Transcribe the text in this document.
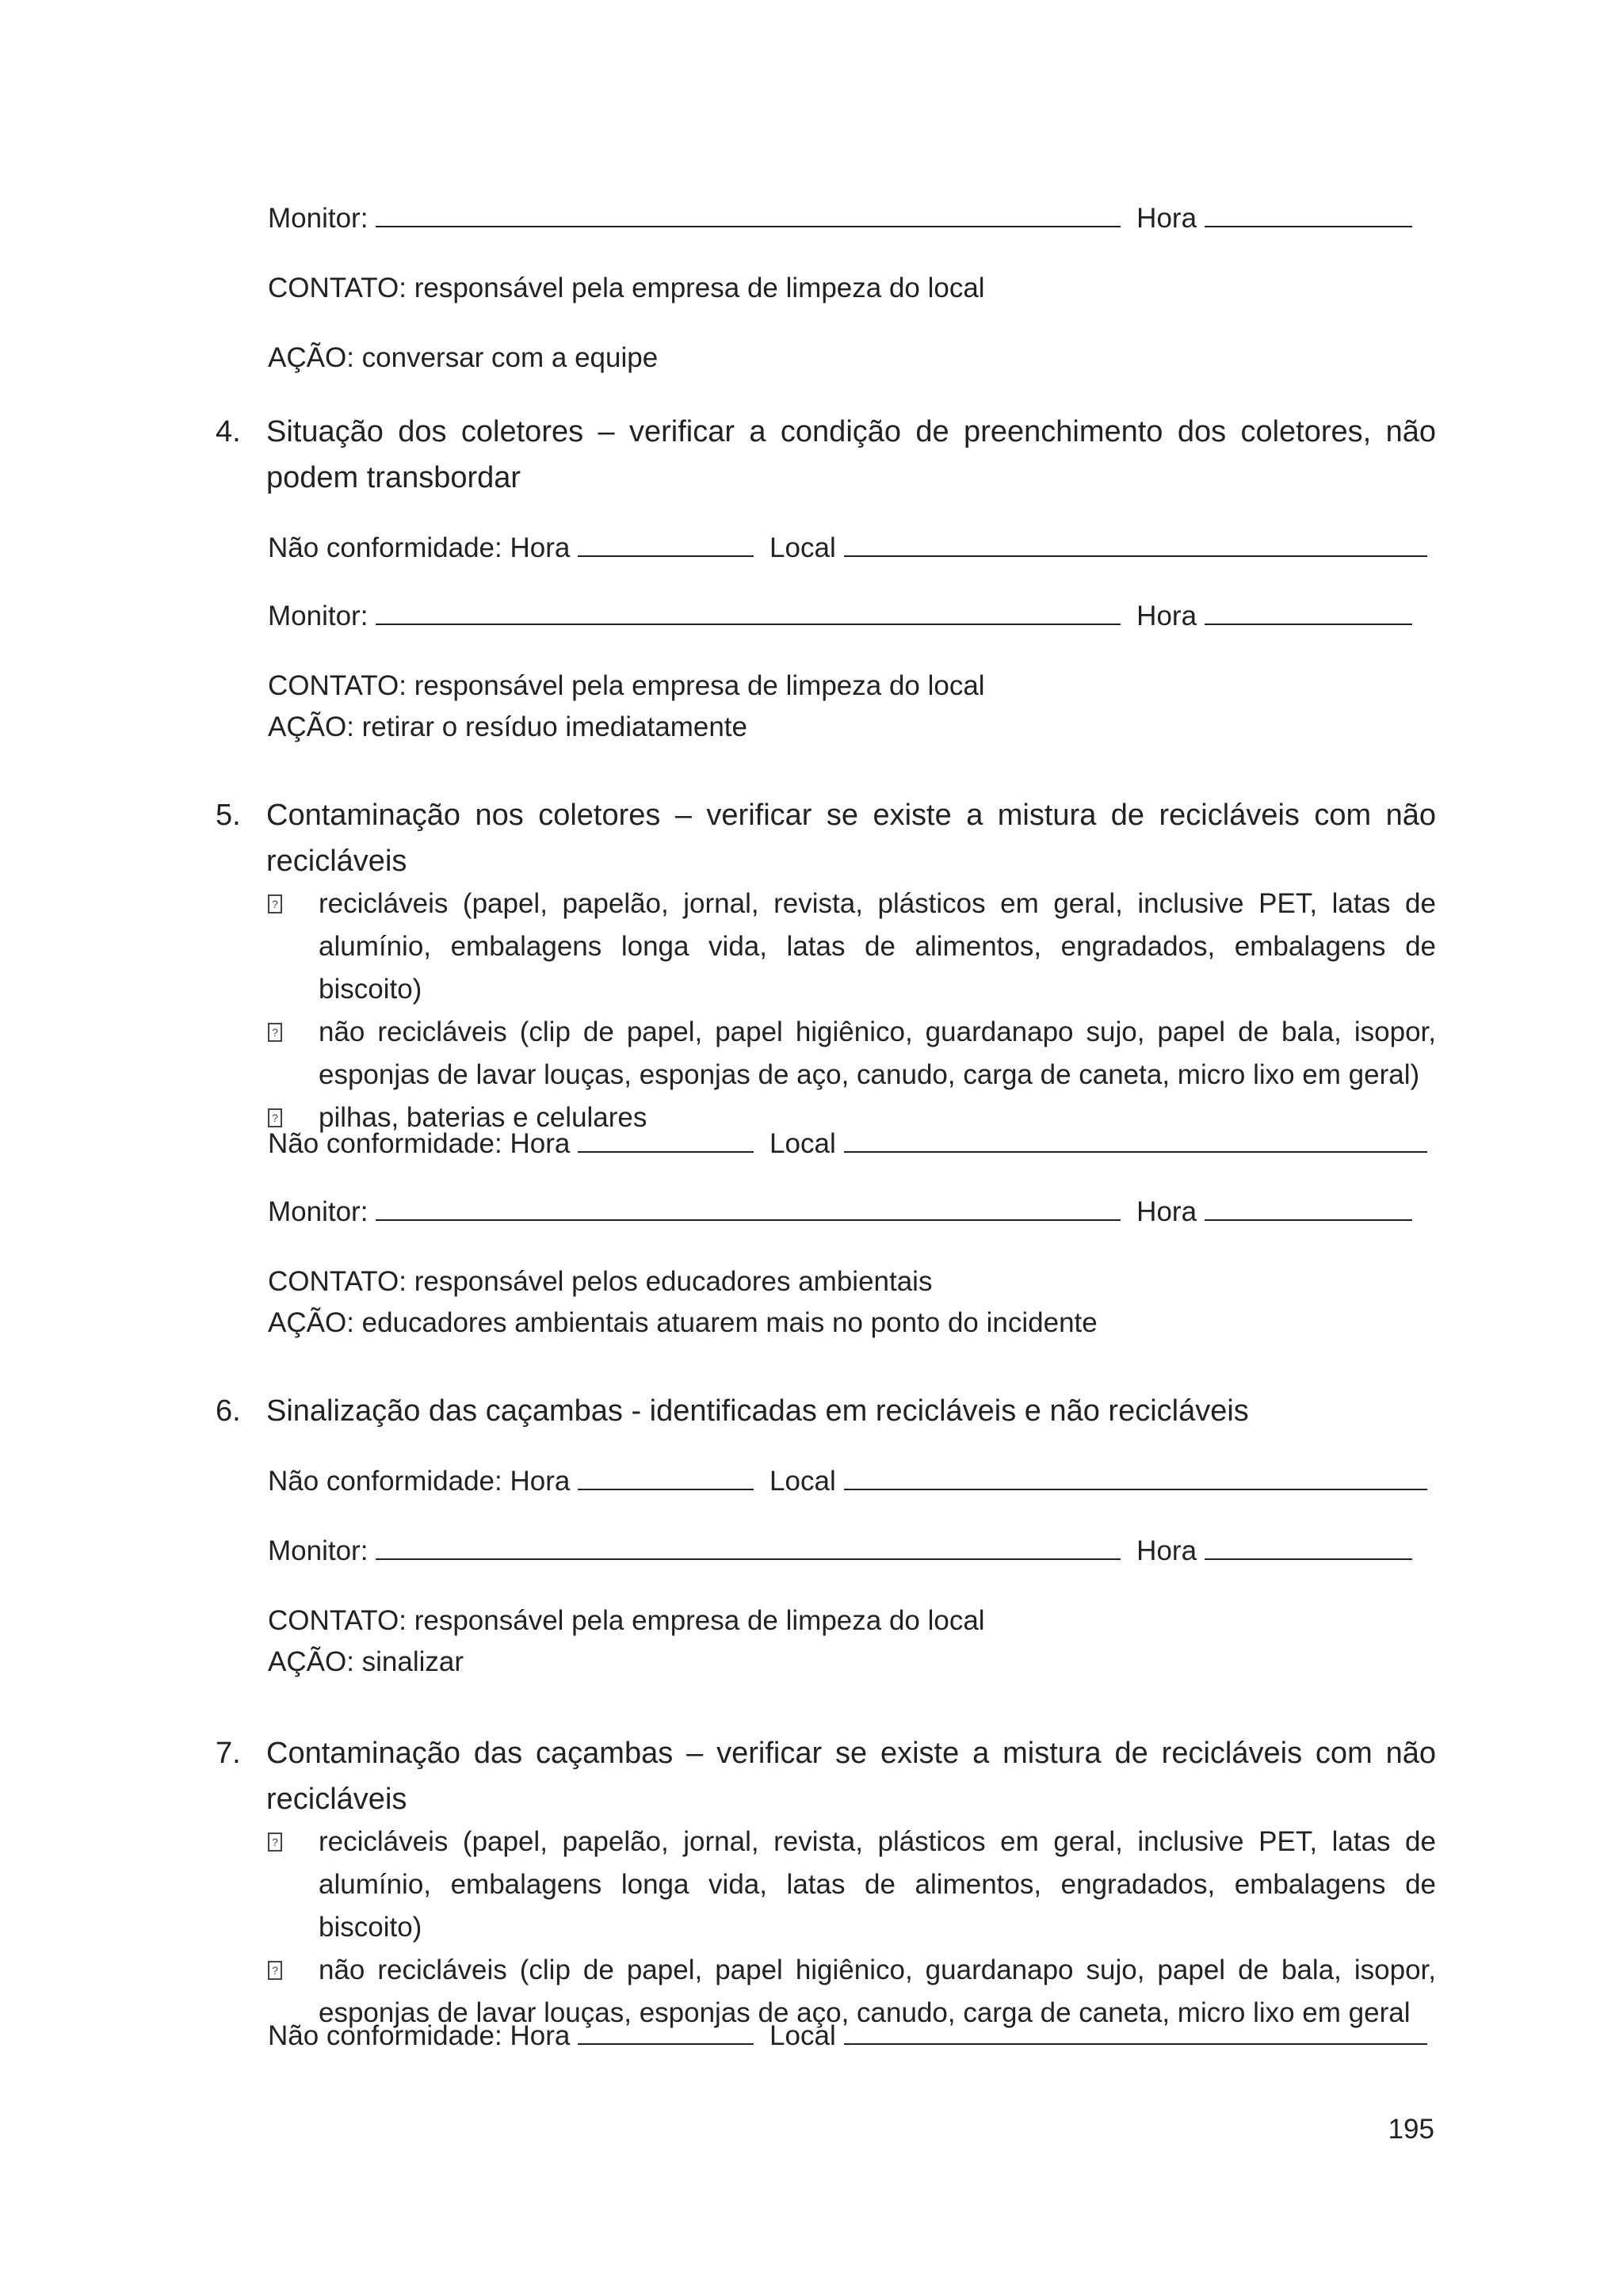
Monitor:	Hora
CONTATO: responsável pela empresa de limpeza do local
AÇÃO: conversar com a equipe
4. Situação dos coletores – verificar a condição de preenchimento dos coletores, não podem transbordar
Não conformidade: Hora	Local
Monitor:	Hora
CONTATO: responsável pela empresa de limpeza do local
AÇÃO: retirar o resíduo imediatamente
5. Contaminação nos coletores – verificar se existe a mistura de recicláveis com não recicláveis
? recicláveis (papel, papelão, jornal, revista, plásticos em geral, inclusive PET, latas de alumínio, embalagens longa vida, latas de alimentos, engradados, embalagens de biscoito)
? não recicláveis (clip de papel, papel higiênico, guardanapo sujo, papel de bala, isopor, esponjas de lavar louças, esponjas de aço, canudo, carga de caneta, micro lixo em geral)
? pilhas, baterias e celulares
Não conformidade: Hora	Local
Monitor:	Hora
CONTATO: responsável pelos educadores ambientais
AÇÃO: educadores ambientais atuarem mais no ponto do incidente
6. Sinalização das caçambas - identificadas em recicláveis e não recicláveis
Não conformidade: Hora	Local
Monitor:	Hora
CONTATO: responsável pela empresa de limpeza do local
AÇÃO: sinalizar
7. Contaminação das caçambas – verificar se existe a mistura de recicláveis com não recicláveis
? recicláveis (papel, papelão, jornal, revista, plásticos em geral, inclusive PET, latas de alumínio, embalagens longa vida, latas de alimentos, engradados, embalagens de biscoito)
? não recicláveis (clip de papel, papel higiênico, guardanapo sujo, papel de bala, isopor, esponjas de lavar louças, esponjas de aço, canudo, carga de caneta, micro lixo em geral
Não conformidade: Hora	Local
195
